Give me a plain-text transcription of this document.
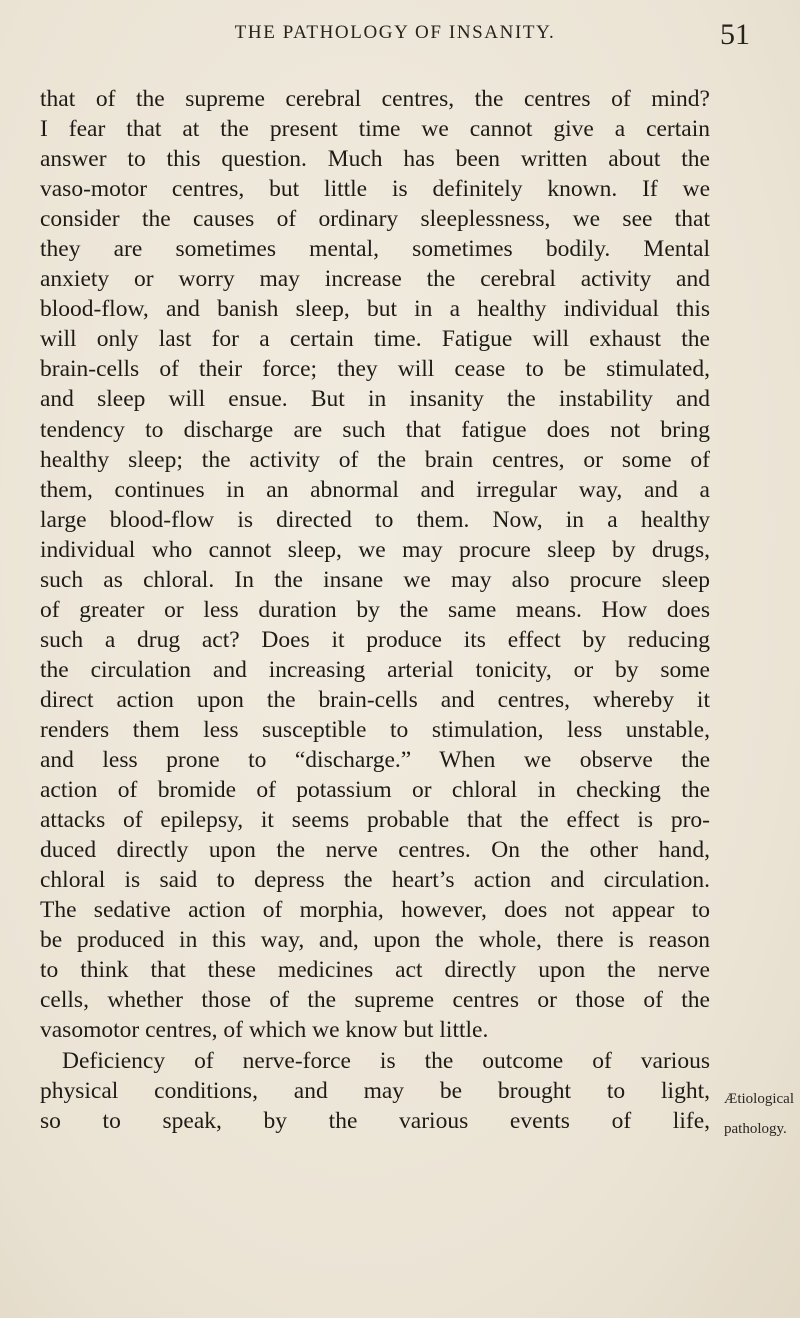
THE PATHOLOGY OF INSANITY.	51
that of the supreme cerebral centres, the centres of mind?
I fear that at the present time we cannot give a certain
answer to this question. Much has been written about the
vaso-motor centres, but little is definitely known. If we
consider the causes of ordinary sleeplessness, we see that
they are sometimes mental, sometimes bodily. Mental
anxiety or worry may increase the cerebral activity and
blood-flow, and banish sleep, but in a healthy individual this
will only last for a certain time. Fatigue will exhaust the
brain-cells of their force; they will cease to be stimulated,
and sleep will ensue. But in insanity the instability and
tendency to discharge are such that fatigue does not bring
healthy sleep; the activity of the brain centres, or some of
them, continues in an abnormal and irregular way, and a
large blood-flow is directed to them. Now, in a healthy
individual who cannot sleep, we may procure sleep by drugs,
such as chloral. In the insane we may also procure sleep
of greater or less duration by the same means. How does
such a drug act? Does it produce its effect by reducing
the circulation and increasing arterial tonicity, or by some
direct action upon the brain-cells and centres, whereby it
renders them less susceptible to stimulation, less unstable,
and less prone to “discharge.” When we observe the
action of bromide of potassium or chloral in checking the
attacks of epilepsy, it seems probable that the effect is pro-
duced directly upon the nerve centres. On the other hand,
chloral is said to depress the heart’s action and circulation.
The sedative action of morphia, however, does not appear to
be produced in this way, and, upon the whole, there is reason
to think that these medicines act directly upon the nerve
cells, whether those of the supreme centres or those of the
vasomotor centres, of which we know but little.
Deficiency of nerve-force is the outcome of various
physical conditions, and may be brought to light,
so to speak, by the various events of life,
Ætiological
pathology.
